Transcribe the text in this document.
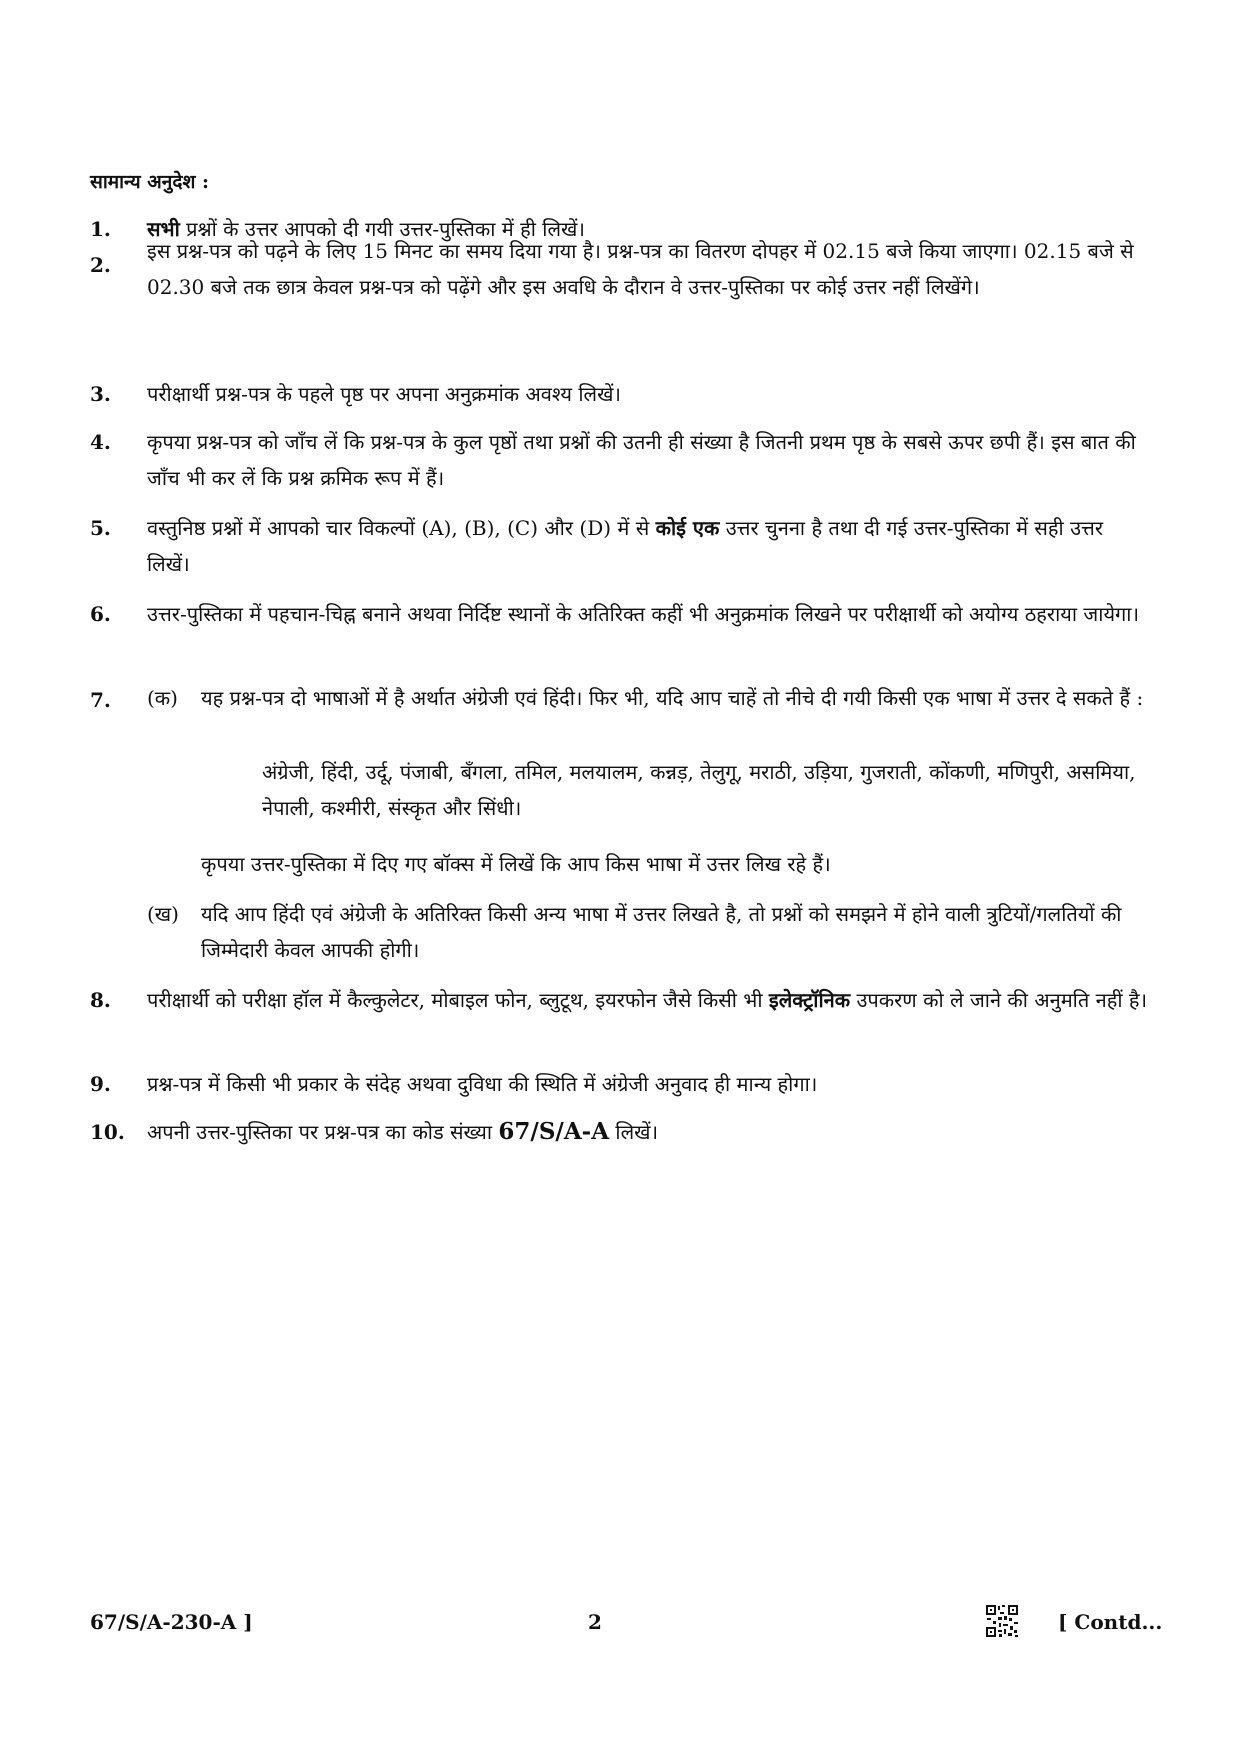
सामान्य अनुदेश :
1.	सभी प्रश्नों के उत्तर आपको दी गयी उत्तर-पुस्तिका में ही लिखें।
2.
इस प्रश्न-पत्र को पढ़ने के लिए 15 मिनट का समय दिया गया है। प्रश्न-पत्र का वितरण दोपहर में 02.15 बजे किया जाएगा। 02.15 बजे से 02.30 बजे तक छात्र केवल प्रश्न-पत्र को पढ़ेंगे और इस अवधि के दौरान वे उत्तर-पुस्तिका पर कोई उत्तर नहीं लिखेंगे।
3.	परीक्षार्थी प्रश्न-पत्र के पहले पृष्ठ पर अपना अनुक्रमांक अवश्य लिखें।
4.	कृपया प्रश्न-पत्र को जाँच लें कि प्रश्न-पत्र के कुल पृष्ठों तथा प्रश्नों की उतनी ही संख्या है जितनी प्रथम पृष्ठ के सबसे ऊपर छपी हैं। इस बात की जाँच भी कर लें कि प्रश्न क्रमिक रूप में हैं।
5.	वस्तुनिष्ठ प्रश्नों में आपको चार विकल्पों (A), (B), (C) और (D) में से कोई एक उत्तर चुनना है तथा दी गई उत्तर-पुस्तिका में सही उत्तर लिखें।
6.	उत्तर-पुस्तिका में पहचान-चिह्न बनाने अथवा निर्दिष्ट स्थानों के अतिरिक्त कहीं भी अनुक्रमांक लिखने पर परीक्षार्थी को अयोग्य ठहराया जायेगा।
7.	(क) यह प्रश्न-पत्र दो भाषाओं में है अर्थात अंग्रेजी एवं हिंदी। फिर भी, यदि आप चाहें तो नीचे दी गयी किसी एक भाषा में उत्तर दे सकते हैं :
अंग्रेजी, हिंदी, उर्दू, पंजाबी, बँगला, तमिल, मलयालम, कन्नड़, तेलुगू, मराठी, उड़िया, गुजराती, कोंकणी, मणिपुरी, असमिया, नेपाली, कश्मीरी, संस्कृत और सिंधी।
कृपया उत्तर-पुस्तिका में दिए गए बॉक्स में लिखें कि आप किस भाषा में उत्तर लिख रहे हैं।
(ख) यदि आप हिंदी एवं अंग्रेजी के अतिरिक्त किसी अन्य भाषा में उत्तर लिखते है, तो प्रश्नों को समझने में होने वाली त्रुटियों/गलतियों की जिम्मेदारी केवल आपकी होगी।
8.	परीक्षार्थी को परीक्षा हॉल में कैल्कुलेटर, मोबाइल फोन, ब्लुटूथ, इयरफोन जैसे किसी भी इलेक्ट्रॉनिक उपकरण को ले जाने की अनुमति नहीं है।
9.	प्रश्न-पत्र में किसी भी प्रकार के संदेह अथवा दुविधा की स्थिति में अंग्रेजी अनुवाद ही मान्य होगा।
10.	अपनी उत्तर-पुस्तिका पर प्रश्न-पत्र का कोड संख्या 67/S/A-A लिखें।
67/S/A-230-A ]	2	[ Contd...
